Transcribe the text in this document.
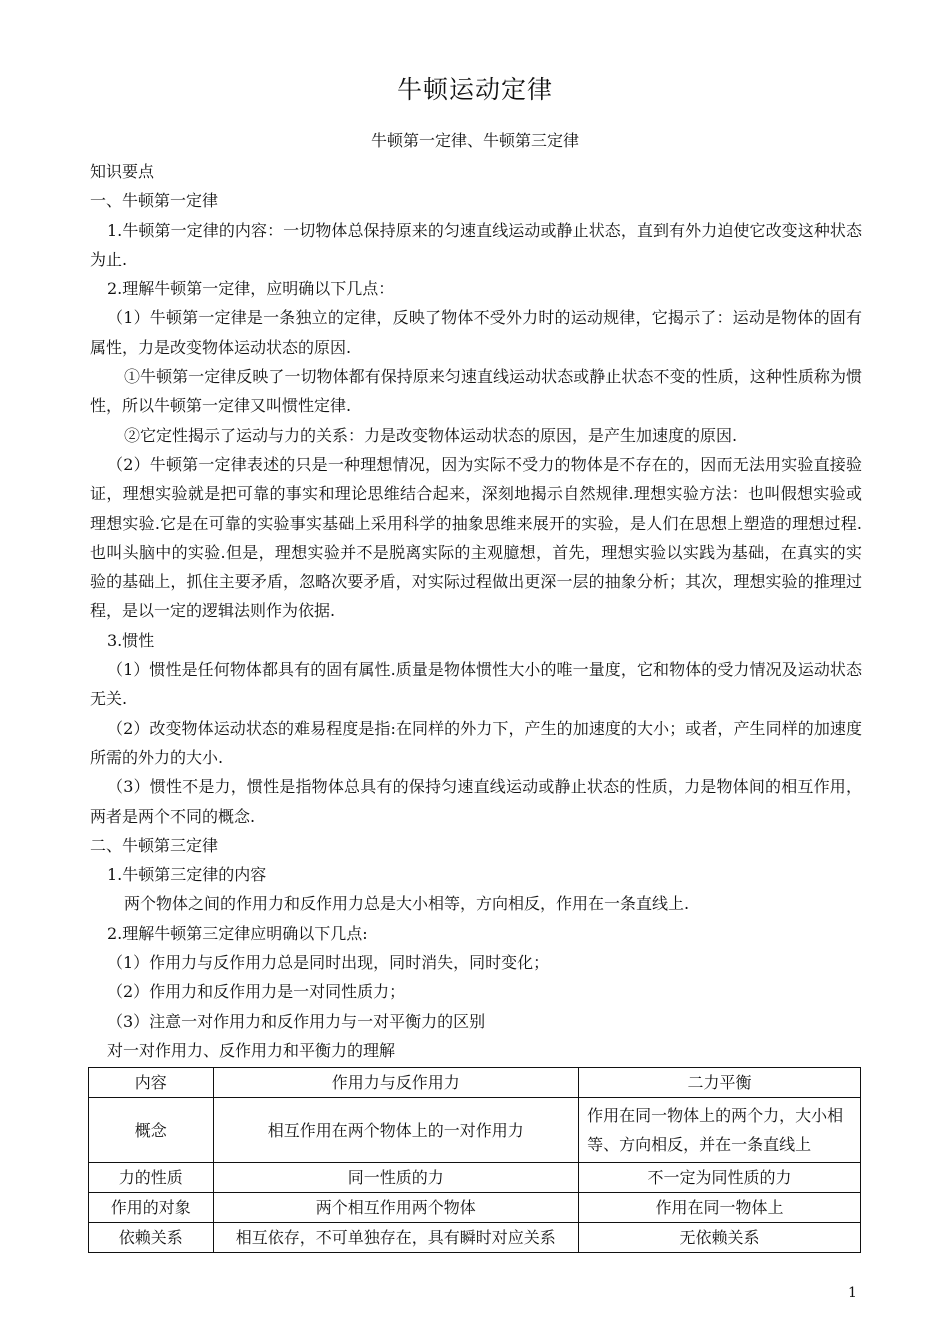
牛顿运动定律
牛顿第一定律、牛顿第三定律

知识要点

一、牛顿第一定律

1.牛顿第一定律的内容：一切物体总保持原来的匀速直线运动或静止状态，直到有外力迫使它改变这种状态为止.

2.理解牛顿第一定律，应明确以下几点：

（1）牛顿第一定律是一条独立的定律，反映了物体不受外力时的运动规律，它揭示了：运动是物体的固有属性，力是改变物体运动状态的原因.

①牛顿第一定律反映了一切物体都有保持原来匀速直线运动状态或静止状态不变的性质，这种性质称为惯性，所以牛顿第一定律又叫惯性定律.

②它定性揭示了运动与力的关系：力是改变物体运动状态的原因，是产生加速度的原因.

（2）牛顿第一定律表述的只是一种理想情况，因为实际不受力的物体是不存在的，因而无法用实验直接验证，理想实验就是把可靠的事实和理论思维结合起来，深刻地揭示自然规律.理想实验方法：也叫假想实验或理想实验.它是在可靠的实验事实基础上采用科学的抽象思维来展开的实验，是人们在思想上塑造的理想过程.也叫头脑中的实验.但是，理想实验并不是脱离实际的主观臆想，首先，理想实验以实践为基础，在真实的实验的基础上，抓住主要矛盾，忽略次要矛盾，对实际过程做出更深一层的抽象分析；其次，理想实验的推理过程，是以一定的逻辑法则作为依据.

3.惯性

（1）惯性是任何物体都具有的固有属性.质量是物体惯性大小的唯一量度，它和物体的受力情况及运动状态无关.

（2）改变物体运动状态的难易程度是指:在同样的外力下，产生的加速度的大小；或者，产生同样的加速度所需的外力的大小.

（3）惯性不是力，惯性是指物体总具有的保持匀速直线运动或静止状态的性质，力是物体间的相互作用，两者是两个不同的概念.

二、牛顿第三定律

1.牛顿第三定律的内容

两个物体之间的作用力和反作用力总是大小相等，方向相反，作用在一条直线上.

2.理解牛顿第三定律应明确以下几点:

（1）作用力与反作用力总是同时出现，同时消失，同时变化；

（2）作用力和反作用力是一对同性质力；

（3）注意一对作用力和反作用力与一对平衡力的区别

对一对作用力、反作用力和平衡力的理解

内容	作用力与反作用力	二力平衡
概念	相互作用在两个物体上的一对作用力	作用在同一物体上的两个力，大小相等、方向相反，并在一条直线上
力的性质	同一性质的力	不一定为同性质的力
作用的对象	两个相互作用两个物体	作用在同一物体上
依赖关系	相互依存，不可单独存在，具有瞬时对应关系	无依赖关系
1
